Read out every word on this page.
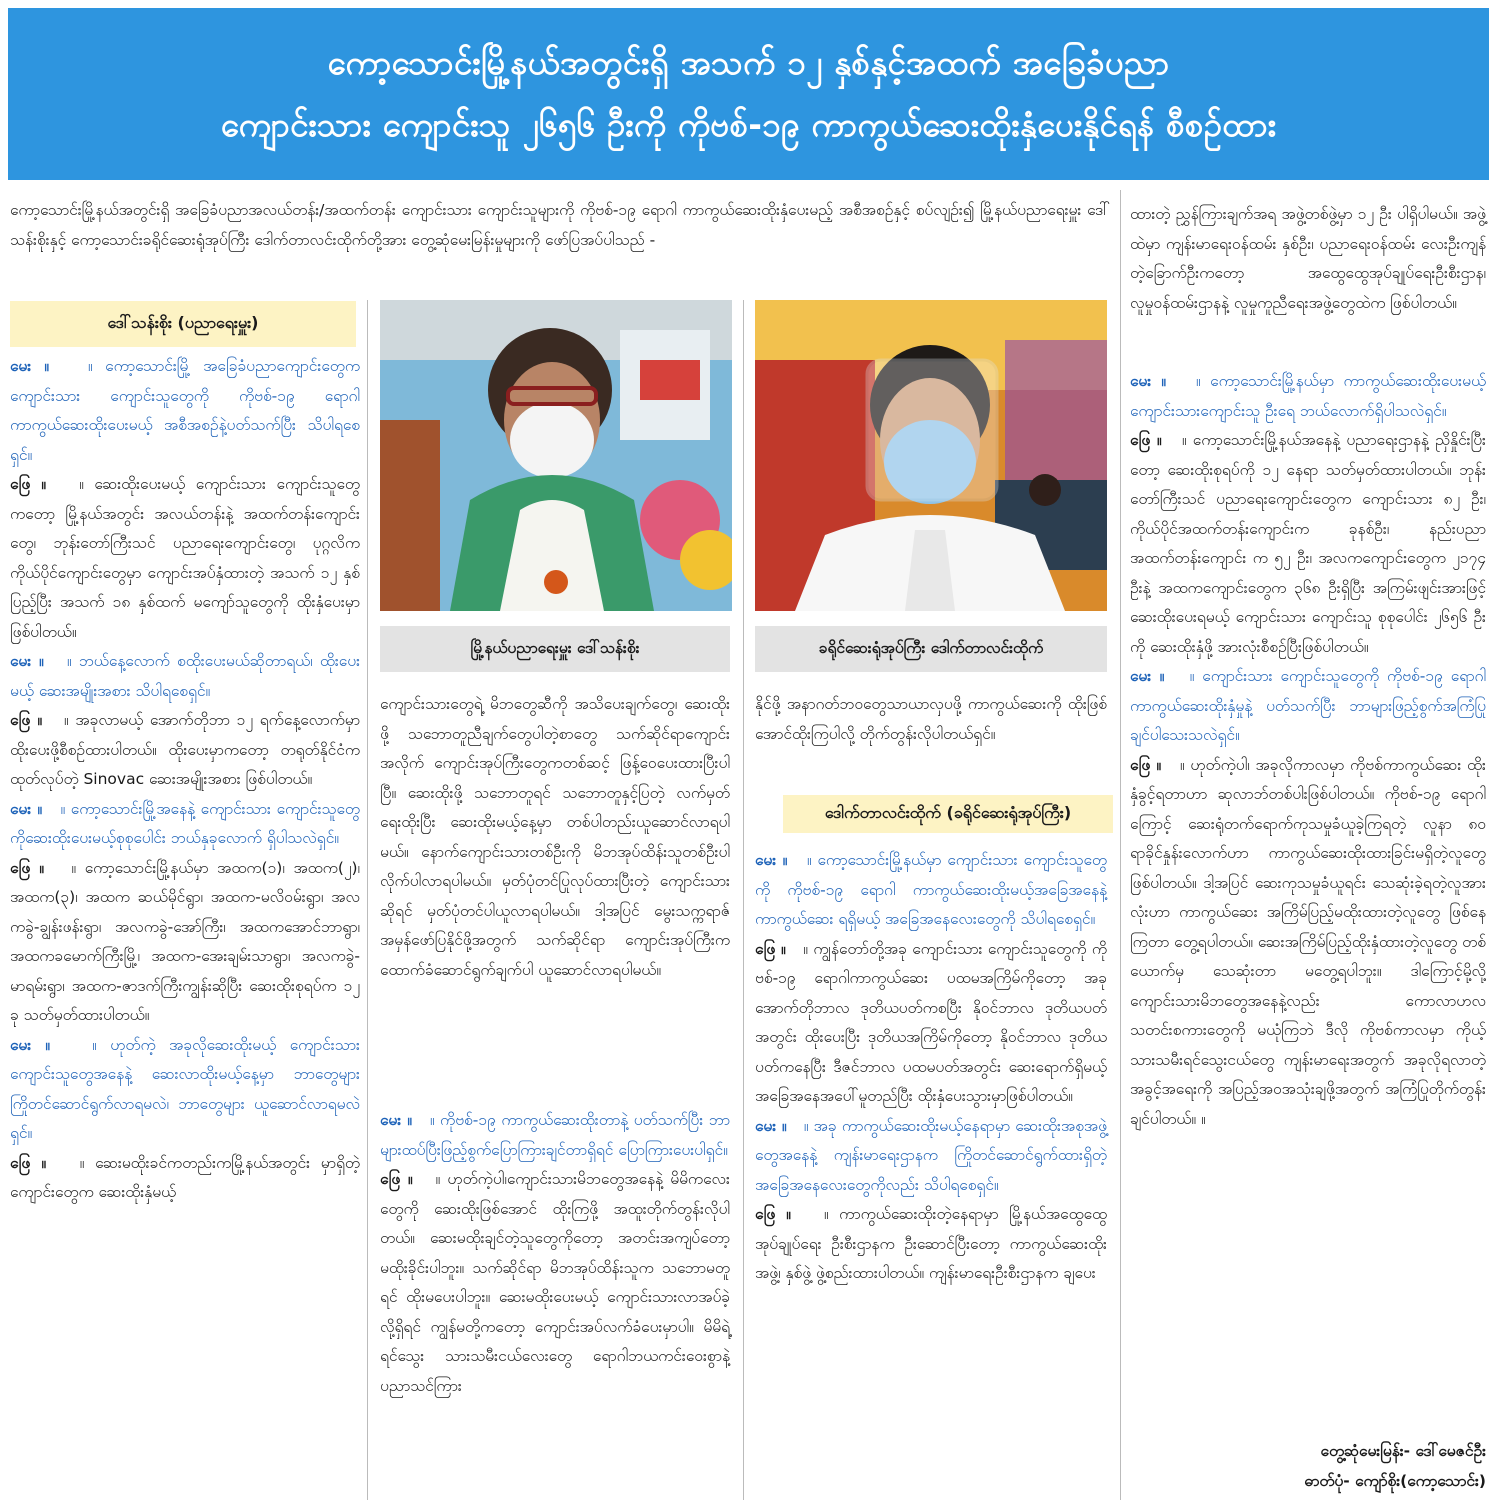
ကော့သောင်းမြို့နယ်အတွင်းရှိ အသက် ၁၂ နှစ်နှင့်အထက် အခြေခံပညာ
ကျောင်းသား ကျောင်းသူ ၂၆၅၆ ဦးကို ကိုဗစ်-၁၉ ကာကွယ်ဆေးထိုးနှံပေးနိုင်ရန် စီစဉ်ထား
ကော့သောင်းမြို့နယ်အတွင်းရှိ အခြေခံပညာအလယ်တန်း/အထက်တန်း ကျောင်းသား ကျောင်းသူများကို ကိုဗစ်-၁၉ ရောဂါ ကာကွယ်ဆေးထိုးနှံပေးမည့် အစီအစဉ်နှင့် စပ်လျဉ်း၍ မြို့နယ်ပညာရေးမှူး ဒေါ်သန်းစိုးနှင့် ကော့သောင်းခရိုင်ဆေးရုံအုပ်ကြီး ဒေါက်တာလင်းထိုက်တို့အား တွေ့ဆုံမေးမြန်းမှုများကို ဖော်ပြအပ်ပါသည် -
ဒေါ်သန်းစိုး (ပညာရေးမှူး)
မေး ။   ။ ကော့သောင်းမြို့ အခြေခံပညာကျောင်းတွေက ကျောင်းသား ကျောင်းသူတွေကို ကိုဗစ်-၁၉ ရောဂါကာကွယ်ဆေးထိုးပေးမယ့် အစီအစဉ်နဲ့ပတ်သက်ပြီး သိပါရစေရှင်။
ဖြေ ။   ။ ဆေးထိုးပေးမယ့် ကျောင်းသား ကျောင်းသူတွေကတော့ မြို့နယ်အတွင်း အလယ်တန်းနဲ့ အထက်တန်းကျောင်းတွေ၊ ဘုန်းတော်ကြီးသင် ပညာရေးကျောင်းတွေ၊ ပုဂ္ဂလိကကိုယ်ပိုင်ကျောင်းတွေမှာ ကျောင်းအပ်နှံထားတဲ့ အသက် ၁၂ နှစ်ပြည့်ပြီး အသက် ၁၈ နှစ်ထက် မကျော်သူတွေကို ထိုးနှံပေးမှာဖြစ်ပါတယ်။
မေး ။   ။ ဘယ်နေ့လောက် စထိုးပေးမယ်ဆိုတာရယ်၊ ထိုးပေးမယ့် ဆေးအမျိုးအစား သိပါရစေရှင်။
ဖြေ ။   ။ အခုလာမယ့် အောက်တိုဘာ ၁၂ ရက်နေ့လောက်မှာ ထိုးပေးဖို့စီစဉ်ထားပါတယ်။ ထိုးပေးမှာကတော့ တရုတ်နိုင်ငံကထုတ်လုပ်တဲ့ Sinovac ဆေးအမျိုးအစား ဖြစ်ပါတယ်။
မေး ။   ။ ကော့သောင်းမြို့အနေနဲ့ ကျောင်းသား ကျောင်းသူတွေကိုဆေးထိုးပေးမယ့်စုစုပေါင်း ဘယ်နှခုလောက် ရှိပါသလဲရှင်။
ဖြေ ။   ။ ကော့သောင်းမြို့နယ်မှာ အထက(၁)၊ အထက(၂)၊ အထက(၃)၊ အထက ဆယ်မိုင်ရွာ၊ အထက-မလိဝမ်းရွာ၊ အလကခွဲ-ချွန်းဖန်းရွာ၊ အလကခွဲ-အော်ကြီး၊ အထကအောင်ဘာရွာ၊ အထကခမောက်ကြီးမြို့၊ အထက-အေးချမ်းသာရွာ၊ အလကခွဲ-မာရမ်းရွာ၊ အထက-ဇာဒက်ကြီးကျွန်းဆိုပြီး ဆေးထိုးစုရပ်က ၁၂ ခု သတ်မှတ်ထားပါတယ်။
မေး ။   ။ ဟုတ်ကဲ့ အခုလိုဆေးထိုးမယ့် ကျောင်းသား ကျောင်းသူတွေအနေနဲ့ ဆေးလာထိုးမယ့်နေ့မှာ ဘာတွေများ ကြိုတင်ဆောင်ရွက်လာရမလဲ၊ ဘာတွေများ ယူဆောင်လာရမလဲရှင်။
ဖြေ ။   ။ ဆေးမထိုးခင်ကတည်းကမြို့နယ်အတွင်း မှာရှိတဲ့ ကျောင်းတွေက ဆေးထိုးနှံမယ့်
မြို့နယ်ပညာရေးမှူး ဒေါ်သန်းစိုး
ကျောင်းသားတွေရဲ့ မိဘတွေဆီကို အသိပေးချက်တွေ၊ ဆေးထိုးဖို့ သဘောတူညီချက်တွေပါတဲ့စာတွေ သက်ဆိုင်ရာကျောင်းအလိုက် ကျောင်းအုပ်ကြီးတွေကတစ်ဆင့် ဖြန့်ဝေပေးထားပြီးပါပြီ။ ဆေးထိုးဖို့ သဘောတူရင် သဘောတူနှင့်ပြတဲ့ လက်မှတ်ရေးထိုးပြီး ဆေးထိုးမယ့်နေ့မှာ တစ်ပါတည်းယူဆောင်လာရပါမယ်။ နောက်ကျောင်းသားတစ်ဦးကို မိဘအုပ်ထိန်းသူတစ်ဦးပါ လိုက်ပါလာရပါမယ်။ မှတ်ပုံတင်ပြုလုပ်ထားပြီးတဲ့ ကျောင်းသားဆိုရင် မှတ်ပုံတင်ပါယူလာရပါမယ်။ ဒါ့အပြင် မွေးသက္ကရာဇ်အမှန်ဖော်ပြနိုင်ဖို့အတွက် သက်ဆိုင်ရာ ကျောင်းအုပ်ကြီးက ထောက်ခံဆောင်ရွက်ချက်ပါ ယူဆောင်လာရပါမယ်။
မေး ။   ။ ကိုဗစ်-၁၉ ကာကွယ်ဆေးထိုးတာနဲ့ ပတ်သက်ပြီး ဘာများထပ်ပြီးဖြည့်စွက်ပြောကြားချင်တာရှိရင် ပြောကြားပေးပါရှင်။
ဖြေ ။   ။ ဟုတ်ကဲ့ပါ၊ကျောင်းသားမိဘတွေအနေနဲ့ မိမိကလေးတွေကို ဆေးထိုးဖြစ်အောင် ထိုးကြဖို့ အထူးတိုက်တွန်းလိုပါတယ်။ ဆေးမထိုးချင်တဲ့သူတွေကိုတော့ အတင်းအကျပ်တော့ မထိုးခိုင်းပါဘူး။ သက်ဆိုင်ရာ မိဘအုပ်ထိန်းသူက သဘောမတူရင် ထိုးမပေးပါဘူး။ ဆေးမထိုးပေးမယ့် ကျောင်းသားလာအပ်ခဲ့လို့ရှိရင် ကျွန်မတို့ကတော့ ကျောင်းအပ်လက်ခံပေးမှာပါ။ မိမိရဲ့ရင်သွေး သားသမီးငယ်လေးတွေ ရောဂါဘယကင်းဝေးစွာနဲ့ ပညာသင်ကြား
ခရိုင်ဆေးရုံအုပ်ကြီး ဒေါက်တာလင်းထိုက်
နိုင်ဖို့ အနာဂတ်ဘဝတွေသာယာလှပဖို့ ကာကွယ်ဆေးကို ထိုးဖြစ်အောင်ထိုးကြပါလို့ တိုက်တွန်းလိုပါတယ်ရှင်။
ဒေါက်တာလင်းထိုက် (ခရိုင်ဆေးရုံအုပ်ကြီး)
မေး ။   ။ ကော့သောင်းမြို့နယ်မှာ ကျောင်းသား ကျောင်းသူတွေကို ကိုဗစ်-၁၉ ရောဂါ ကာကွယ်ဆေးထိုးမယ့်အခြေအနေနဲ့ ကာကွယ်ဆေး ရရှိမယ့် အခြေအနေလေးတွေကို သိပါရစေရှင်။
ဖြေ ။   ။ ကျွန်တော်တို့အခု ကျောင်းသား ကျောင်းသူတွေကို ကိုဗစ်-၁၉ ရောဂါကာကွယ်ဆေး ပထမအကြိမ်ကိုတော့ အခု အောက်တိုဘာလ ဒုတိယပတ်ကစပြီး နိုဝင်ဘာလ ဒုတိယပတ်အတွင်း ထိုးပေးပြီး ဒုတိယအကြိမ်ကိုတော့ နိုဝင်ဘာလ ဒုတိယပတ်ကနေပြီး ဒီဇင်ဘာလ ပထမပတ်အတွင်း ဆေးရောက်ရှိမယ့် အခြေအနေအပေါ်မူတည်ပြီး ထိုးနှံပေးသွားမှာဖြစ်ပါတယ်။
မေး ။   ။ အခု ကာကွယ်ဆေးထိုးမယ့်နေရာမှာ ဆေးထိုးအစုအဖွဲ့တွေအနေနဲ့ ကျန်းမာရေးဌာနက ကြိုတင်ဆောင်ရွက်ထားရှိတဲ့ အခြေအနေလေးတွေကိုလည်း သိပါရစေရှင်။
ဖြေ ။   ။ ကာကွယ်ဆေးထိုးတဲ့နေရာမှာ မြို့နယ်အထွေထွေအုပ်ချုပ်ရေး ဦးစီးဌာနက ဦးဆောင်ပြီးတော့ ကာကွယ်ဆေးထိုးအဖွဲ့၊ နှစ်ဖွဲ့ ဖွဲ့စည်းထားပါတယ်။ ကျန်းမာရေးဦးစီးဌာနက ချပေး
ထားတဲ့ ညွှန်ကြားချက်အရ အဖွဲ့တစ်ဖွဲ့မှာ ၁၂ ဦး ပါရှိပါမယ်။ အဖွဲ့ထဲမှာ ကျန်းမာရေးဝန်ထမ်း နှစ်ဦး၊ ပညာရေးဝန်ထမ်း လေးဦးကျန်တဲ့ခြောက်ဦးကတော့ အထွေထွေအုပ်ချုပ်ရေးဦးစီးဌာန၊ လူမှုဝန်ထမ်းဌာနနဲ့ လူမှုကူညီရေးအဖွဲ့တွေထဲက ဖြစ်ပါတယ်။
မေး ။   ။ ကော့သောင်းမြို့နယ်မှာ ကာကွယ်ဆေးထိုးပေးမယ့် ကျောင်းသားကျောင်းသူ ဦးရေ ဘယ်လောက်ရှိပါသလဲရှင်။
ဖြေ ။   ။ ကော့သောင်းမြို့နယ်အနေနဲ့ ပညာရေးဌာနနဲ့ ညှိနှိုင်းပြီးတော့ ဆေးထိုးစုရပ်ကို ၁၂ နေရာ သတ်မှတ်ထားပါတယ်။ ဘုန်းတော်ကြီးသင် ပညာရေးကျောင်းတွေက ကျောင်းသား ၈၂ ဦး၊ ကိုယ်ပိုင်အထက်တန်းကျောင်းက ခုနစ်ဦး၊ နည်းပညာအထက်တန်းကျောင်း က ၅၂ ဦး၊ အလကကျောင်းတွေက ၂၁၇၄ ဦးနဲ့ အထကကျောင်းတွေက ၃၆၈ ဦးရှိပြီး အကြမ်းဖျင်းအားဖြင့် ဆေးထိုးပေးရမယ့် ကျောင်းသား ကျောင်းသူ စုစုပေါင်း ၂၆၅၆ ဦး ကို ဆေးထိုးနှံဖို့ အားလုံးစီစဉ်ပြီးဖြစ်ပါတယ်။
မေး ။   ။ ကျောင်းသား ကျောင်းသူတွေကို ကိုဗစ်-၁၉ ရောဂါ ကာကွယ်ဆေးထိုးနှံမှုနဲ့ ပတ်သက်ပြီး ဘာများဖြည့်စွက်အကြံပြုချင်ပါသေးသလဲရှင်။
ဖြေ ။   ။ ဟုတ်ကဲ့ပါ၊ အခုလိုကာလမှာ ကိုဗစ်ကာကွယ်ဆေး ထိုးနှံခွင့်ရတာဟာ ဆုလာဘ်တစ်ပါးဖြစ်ပါတယ်။ ကိုဗစ်-၁၉ ရောဂါကြောင့် ဆေးရုံတက်ရောက်ကုသမှုခံယူခဲ့ကြရတဲ့ လူနာ ၈၀ ရာခိုင်နှုန်းလောက်ဟာ ကာကွယ်ဆေးထိုးထားခြင်းမရှိတဲ့လူတွေ ဖြစ်ပါတယ်။ ဒါ့အပြင် ဆေးကုသမှုခံယူရင်း သေဆုံးခဲ့ရတဲ့လူအားလုံးဟာ ကာကွယ်ဆေး အကြိမ်ပြည့်မထိုးထားတဲ့လူတွေ ဖြစ်နေကြတာ တွေ့ရပါတယ်။ ဆေးအကြိမ်ပြည့်ထိုးနှံထားတဲ့လူတွေ တစ်ယောက်မှ သေဆုံးတာ မတွေ့ရပါဘူး။ ဒါကြောင့်မို့လို့ ကျောင်းသားမိဘတွေအနေနဲ့လည်း ကောလာဟလ သတင်းစကားတွေကို မယုံကြဘဲ ဒီလို ကိုဗစ်ကာလမှာ ကိုယ့်သားသမီးရင်သွေးငယ်တွေ ကျန်းမာရေးအတွက် အခုလိုရလာတဲ့အခွင့်အရေးကို အပြည့်အဝအသုံးချဖို့အတွက် အကြံပြုတိုက်တွန်းချင်ပါတယ်။ ။
တွေ့ဆုံမေးမြန်း- ဒေါ်မေဇင်ဦး
ဓာတ်ပုံ- ကျော်စိုး(ကော့သောင်း)
